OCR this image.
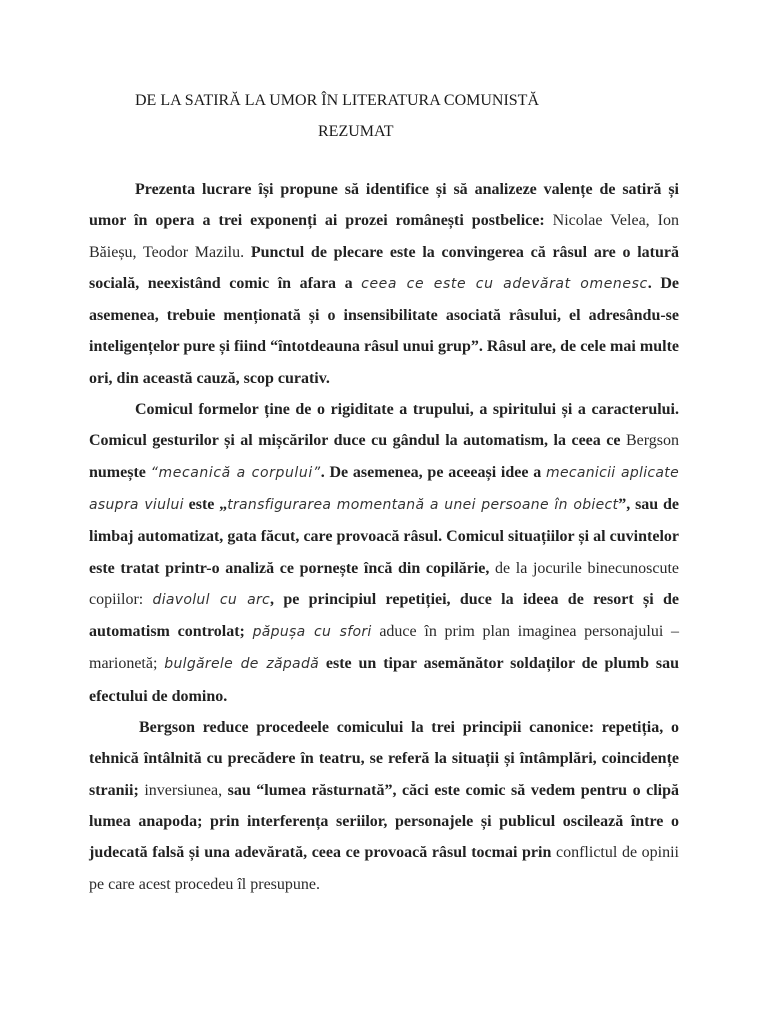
DE LA SATIRĂ LA UMOR ÎN LITERATURA COMUNISTĂ
REZUMAT

Prezenta lucrare își propune să identifice și să analizeze valențe de satiră și umor în opera a trei exponenți ai prozei românești postbelice: Nicolae Velea, Ion Băieșu, Teodor Mazilu. Punctul de plecare este la convingerea că râsul are o latură socială, neexistând comic în afara a ceea ce este cu adevărat omenesc. De asemenea, trebuie menționată și o insensibilitate asociată râsului, el adresându-se inteligențelor pure și fiind “întotdeauna râsul unui grup”. Râsul are, de cele mai multe ori, din această cauză, scop curativ.

Comicul formelor ține de o rigiditate a trupului, a spiritului și a caracterului. Comicul gesturilor și al mișcărilor duce cu gândul la automatism, la ceea ce Bergson numește “mecanică a corpului”. De asemenea, pe aceeași idee a mecanicii aplicate asupra viului este „transfigurarea momentană a unei persoane în obiect”, sau de limbaj automatizat, gata făcut, care provoacă râsul. Comicul situațiilor și al cuvintelor este tratat printr-o analiză ce pornește încă din copilărie, de la jocurile binecunoscute copiilor: diavolul cu arc, pe principiul repetiției, duce la ideea de resort și de automatism controlat; păpușa cu sfori aduce în prim plan imaginea personajului – marionetă; bulgărele de zăpadă este un tipar asemănător soldaților de plumb sau efectului de domino.

Bergson reduce procedeele comicului la trei principii canonice: repetiția, o tehnică întâlnită cu precădere în teatru, se referă la situații și întâmplări, coincidențe stranii; inversiunea, sau “lumea răsturnată”, căci este comic să vedem pentru o clipă lumea anapoda; prin interferența seriilor, personajele și publicul oscilează între o judecată falsă și una adevărată, ceea ce provoacă râsul tocmai prin conflictul de opinii pe care acest procedeu îl presupune.
